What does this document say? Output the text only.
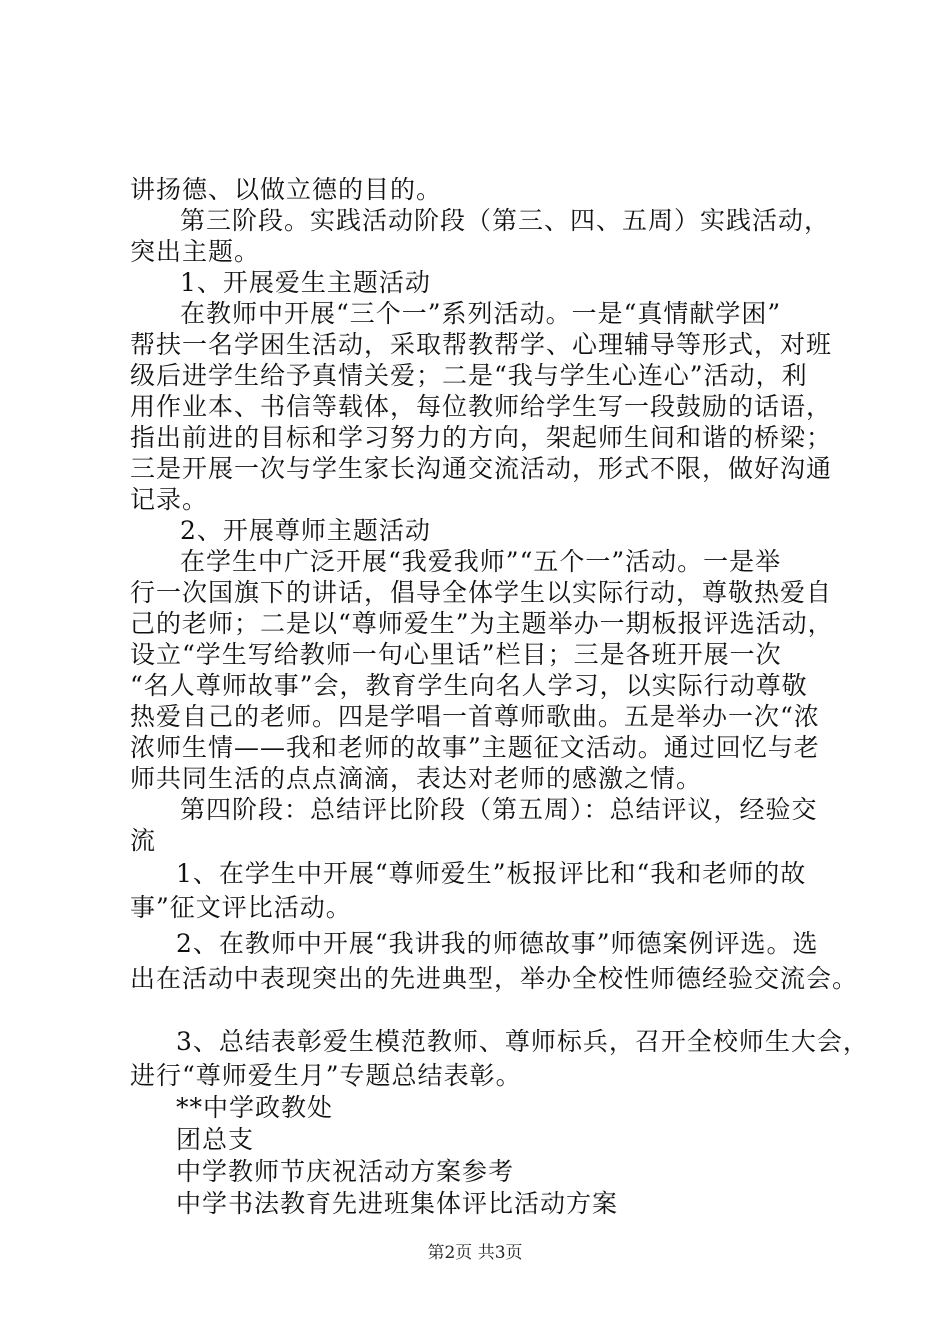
讲扬德、以做立德的目的。
第三阶段。实践活动阶段（第三、四、五周）实践活动，
突出主题。
1、开展爱生主题活动
在教师中开展“三个一”系列活动。一是“真情献学困”
帮扶一名学困生活动，采取帮教帮学、心理辅导等形式，对班
级后进学生给予真情关爱；二是“我与学生心连心”活动，利
用作业本、书信等载体，每位教师给学生写一段鼓励的话语，
指出前进的目标和学习努力的方向，架起师生间和谐的桥梁；
三是开展一次与学生家长沟通交流活动，形式不限，做好沟通
记录。
2、开展尊师主题活动
在学生中广泛开展“我爱我师”“五个一”活动。一是举
行一次国旗下的讲话，倡导全体学生以实际行动，尊敬热爱自
己的老师；二是以“尊师爱生”为主题举办一期板报评选活动，
设立“学生写给教师一句心里话”栏目；三是各班开展一次
“名人尊师故事”会，教育学生向名人学习，以实际行动尊敬
热爱自己的老师。四是学唱一首尊师歌曲。五是举办一次“浓
浓师生情——我和老师的故事”主题征文活动。通过回忆与老
师共同生活的点点滴滴，表达对老师的感激之情。
第四阶段：总结评比阶段（第五周）：总结评议，经验交
流
1、在学生中开展“尊师爱生”板报评比和“我和老师的故
事”征文评比活动。
2、在教师中开展“我讲我的师德故事”师德案例评选。选
出在活动中表现突出的先进典型，举办全校性师德经验交流会。
3、总结表彰爱生模范教师、尊师标兵，召开全校师生大会，
进行“尊师爱生月”专题总结表彰。
**中学政教处
团总支
中学教师节庆祝活动方案参考
中学书法教育先进班集体评比活动方案
第2页 共3页
